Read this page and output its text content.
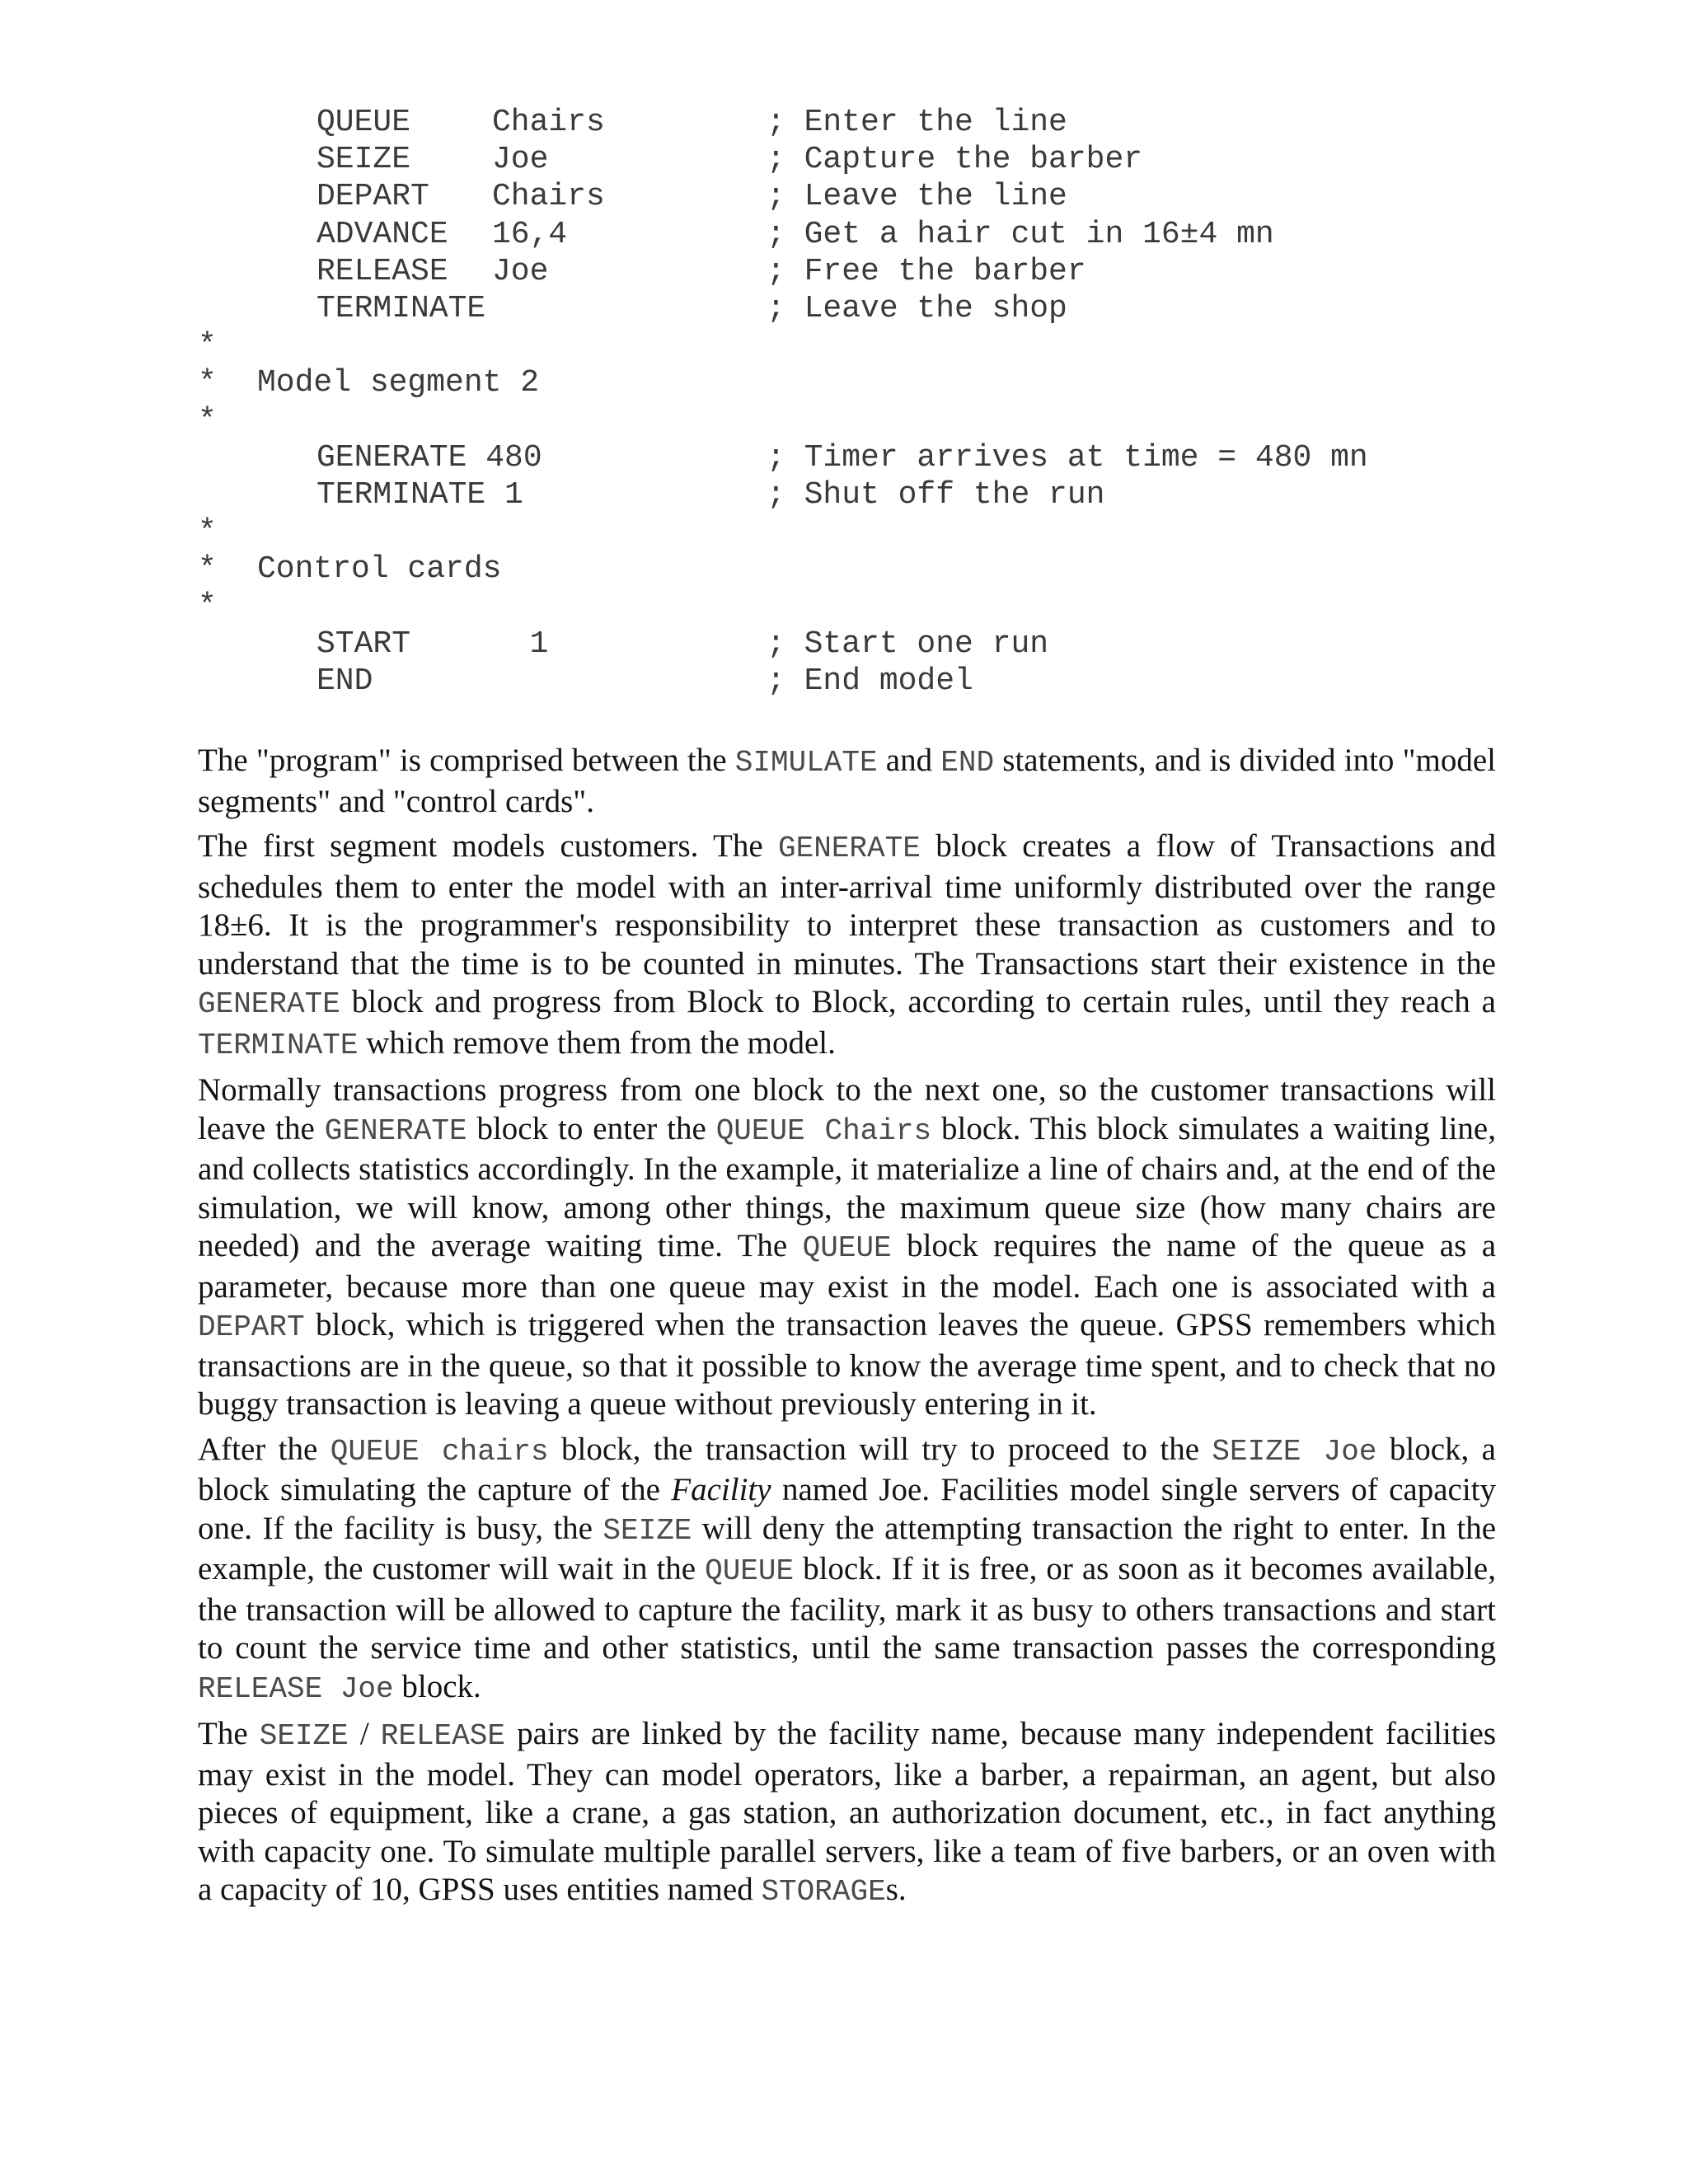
QUEUE	Chairs	; Enter the line
SEIZE	Joe	; Capture the barber
DEPART Chairs	; Leave the line
ADVANCE 16,4	; Get a hair cut in 16±4 mn
RELEASE Joe	; Free the barber
TERMINATE	; Leave the shop
*
* Model segment 2
*
GENERATE 480	; Timer arrives at time = 480 mn
TERMINATE 1	; Shut off the run
*
* Control cards
*
START	1	; Start one run
END	; End model

The "program" is comprised between the SIMULATE and END statements, and is divided into "model segments" and "control cards".

The first segment models customers. The GENERATE block creates a flow of Transactions and schedules them to enter the model with an inter-arrival time uniformly distributed over the range 18±6. It is the programmer's responsibility to interpret these transaction as customers and to understand that the time is to be counted in minutes. The Transactions start their existence in the GENERATE block and progress from Block to Block, according to certain rules, until they reach a TERMINATE which remove them from the model.

Normally transactions progress from one block to the next one, so the customer transactions will leave the GENERATE block to enter the QUEUE Chairs block. This block simulates a waiting line, and collects statistics accordingly. In the example, it materialize a line of chairs and, at the end of the simulation, we will know, among other things, the maximum queue size (how many chairs are needed) and the average waiting time. The QUEUE block requires the name of the queue as a parameter, because more than one queue may exist in the model. Each one is associated with a DEPART block, which is triggered when the transaction leaves the queue. GPSS remembers which transactions are in the queue, so that it possible to know the average time spent, and to check that no buggy transaction is leaving a queue without previously entering in it.

After the QUEUE chairs block, the transaction will try to proceed to the SEIZE Joe block, a block simulating the capture of the Facility named Joe. Facilities model single servers of capacity one. If the facility is busy, the SEIZE will deny the attempting transaction the right to enter. In the example, the customer will wait in the QUEUE block. If it is free, or as soon as it becomes available, the transaction will be allowed to capture the facility, mark it as busy to others transactions and start to count the service time and other statistics, until the same transaction passes the corresponding RELEASE Joe block.

The SEIZE / RELEASE pairs are linked by the facility name, because many independent facilities may exist in the model. They can model operators, like a barber, a repairman, an agent, but also pieces of equipment, like a crane, a gas station, an authorization document, etc., in fact anything with capacity one. To simulate multiple parallel servers, like a team of five barbers, or an oven with a capacity of 10, GPSS uses entities named STORAGEs.
